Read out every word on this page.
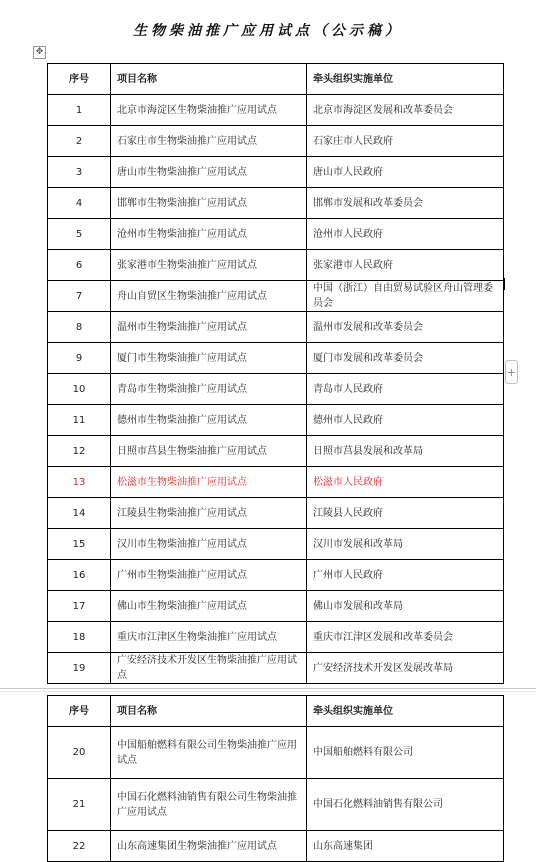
生物柴油推广应用试点（公示稿）
✥
+
序号	项目名称	牵头组织实施单位
1	北京市海淀区生物柴油推广应用试点	北京市海淀区发展和改革委员会
2	石家庄市生物柴油推广应用试点	石家庄市人民政府
3	唐山市生物柴油推广应用试点	唐山市人民政府
4	邯郸市生物柴油推广应用试点	邯郸市发展和改革委员会
5	沧州市生物柴油推广应用试点	沧州市人民政府
6	张家港市生物柴油推广应用试点	张家港市人民政府
7	舟山自贸区生物柴油推广应用试点	中国（浙江）自由贸易试验区舟山管理委员会
8	温州市生物柴油推广应用试点	温州市发展和改革委员会
9	厦门市生物柴油推广应用试点	厦门市发展和改革委员会
10	青岛市生物柴油推广应用试点	青岛市人民政府
11	德州市生物柴油推广应用试点	德州市人民政府
12	日照市莒县生物柴油推广应用试点	日照市莒县发展和改革局
13	松滋市生物柴油推广应用试点	松滋市人民政府
14	江陵县生物柴油推广应用试点	江陵县人民政府
15	汉川市生物柴油推广应用试点	汉川市发展和改革局
16	广州市生物柴油推广应用试点	广州市人民政府
17	佛山市生物柴油推广应用试点	佛山市发展和改革局
18	重庆市江津区生物柴油推广应用试点	重庆市江津区发展和改革委员会
19	广安经济技术开发区生物柴油推广应用试点	广安经济技术开发区发展改革局
序号	项目名称	牵头组织实施单位
20	中国船舶燃料有限公司生物柴油推广应用试点	中国船舶燃料有限公司
21	中国石化燃料油销售有限公司生物柴油推广应用试点	中国石化燃料油销售有限公司
22	山东高速集团生物柴油推广应用试点	山东高速集团
